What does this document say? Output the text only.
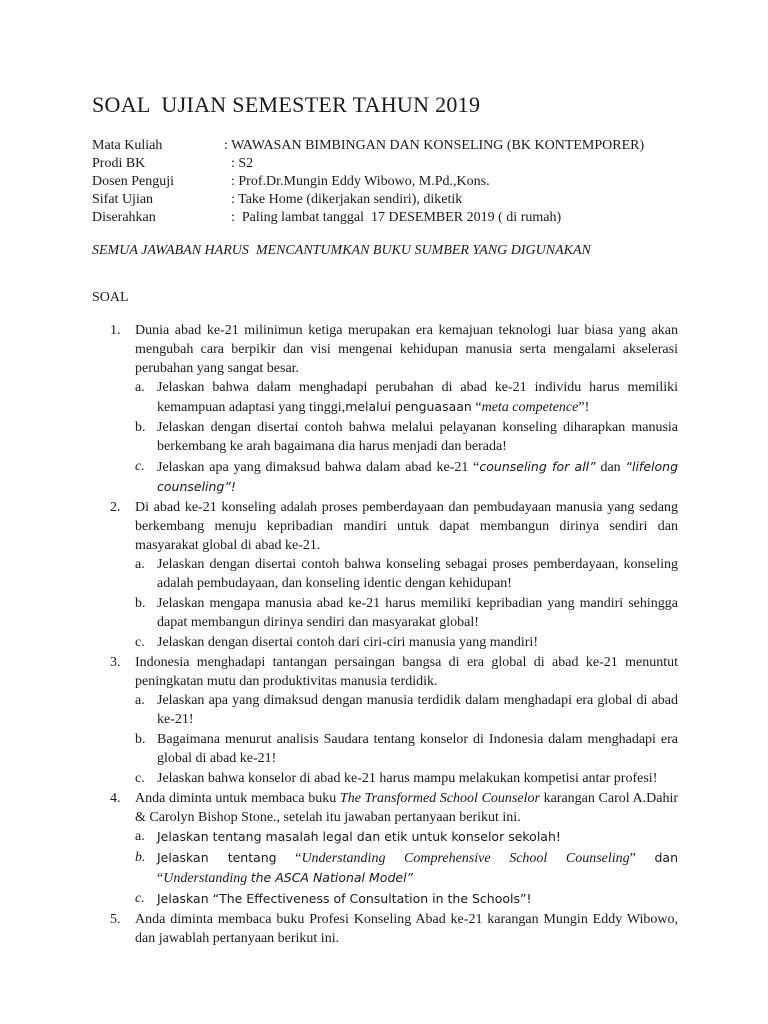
SOAL  UJIAN SEMESTER TAHUN 2019
Mata Kuliah	: WAWASAN BIMBINGAN DAN KONSELING (BK KONTEMPORER)
Prodi BK	: S2
Dosen Penguji	: Prof.Dr.Mungin Eddy Wibowo, M.Pd.,Kons.
Sifat Ujian	: Take Home (dikerjakan sendiri), diketik
Diserahkan	:  Paling lambat tanggal  17 DESEMBER 2019 ( di rumah)
SEMUA JAWABAN HARUS  MENCANTUMKAN BUKU SUMBER YANG DIGUNAKAN
SOAL
1. Dunia abad ke-21 milinimun ketiga merupakan era kemajuan teknologi luar biasa yang akan mengubah cara berpikir dan visi mengenai kehidupan manusia serta mengalami akselerasi perubahan yang sangat besar.
a. Jelaskan bahwa dalam menghadapi perubahan di abad ke-21 individu harus memiliki kemampuan adaptasi yang tinggi,melalui penguasaan “meta competence”!
b. Jelaskan dengan disertai contoh bahwa melalui pelayanan konseling diharapkan manusia berkembang ke arah bagaimana dia harus menjadi dan berada!
c. Jelaskan apa yang dimaksud bahwa dalam abad ke-21 “counseling for all” dan “lifelong counseling”!
2. Di abad ke-21 konseling adalah proses pemberdayaan dan pembudayaan manusia yang sedang berkembang menuju kepribadian mandiri untuk dapat membangun dirinya sendiri dan masyarakat global di abad ke-21.
a. Jelaskan dengan disertai contoh bahwa konseling sebagai proses pemberdayaan, konseling adalah pembudayaan, dan konseling identic dengan kehidupan!
b. Jelaskan mengapa manusia abad ke-21 harus memiliki kepribadian yang mandiri sehingga dapat membangun dirinya sendiri dan masyarakat global!
c. Jelaskan dengan disertai contoh dari ciri-ciri manusia yang mandiri!
3. Indonesia menghadapi tantangan persaingan bangsa di era global di abad ke-21 menuntut peningkatan mutu dan produktivitas manusia terdidik.
a. Jelaskan apa yang dimaksud dengan manusia terdidik dalam menghadapi era global di abad ke-21!
b. Bagaimana menurut analisis Saudara tentang konselor di Indonesia dalam menghadapi era global di abad ke-21!
c. Jelaskan bahwa konselor di abad ke-21 harus mampu melakukan kompetisi antar profesi!
4. Anda diminta untuk membaca buku The Transformed School Counselor karangan Carol A.Dahir & Carolyn Bishop Stone., setelah itu jawaban pertanyaan berikut ini.
a. Jelaskan tentang masalah legal dan etik untuk konselor sekolah!
b. Jelaskan tentang “Understanding Comprehensive School Counseling” dan “Understanding the ASCA National Model”
c. Jelaskan “The Effectiveness of Consultation in the Schools”!
5. Anda diminta membaca buku Profesi Konseling Abad ke-21 karangan Mungin Eddy Wibowo, dan jawablah pertanyaan berikut ini.
